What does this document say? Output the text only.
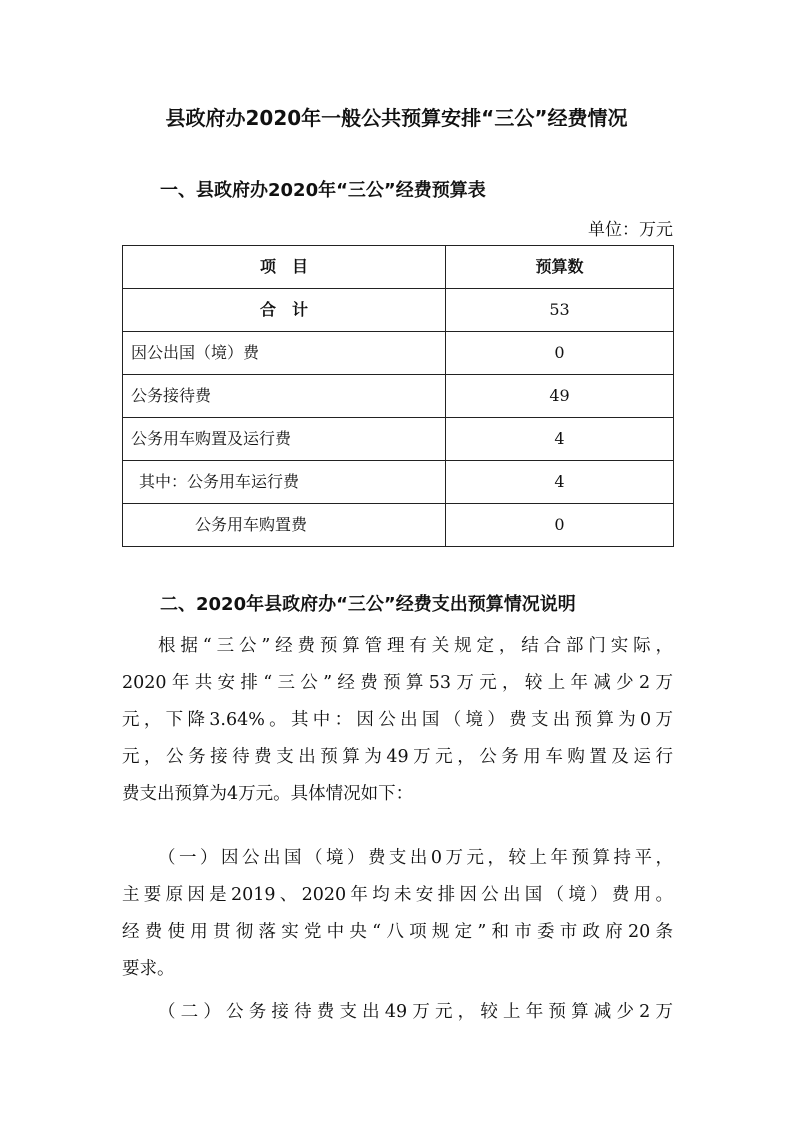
县政府办2020年一般公共预算安排“三公”经费情况
一、县政府办2020年“三公”经费预算表
单位：万元
项　目	预算数
合　计	53
因公出国（境）费	0
公务接待费	49
公务用车购置及运行费	4
其中：公务用车运行费	4
公务用车购置费	0
二、2020年县政府办“三公”经费支出预算情况说明
根据“三公”经费预算管理有关规定，结合部门实际，
2020年共安排“三公”经费预算53万元，较上年减少2万
元，下降3.64%。其中：因公出国（境）费支出预算为0万
元，公务接待费支出预算为49万元，公务用车购置及运行
费支出预算为4万元。具体情况如下：
（一）因公出国（境）费支出0万元，较上年预算持平，
主要原因是2019、2020年均未安排因公出国（境）费用。
经费使用贯彻落实党中央“八项规定”和市委市政府20条
要求。
（二）公务接待费支出49万元，较上年预算减少2万
